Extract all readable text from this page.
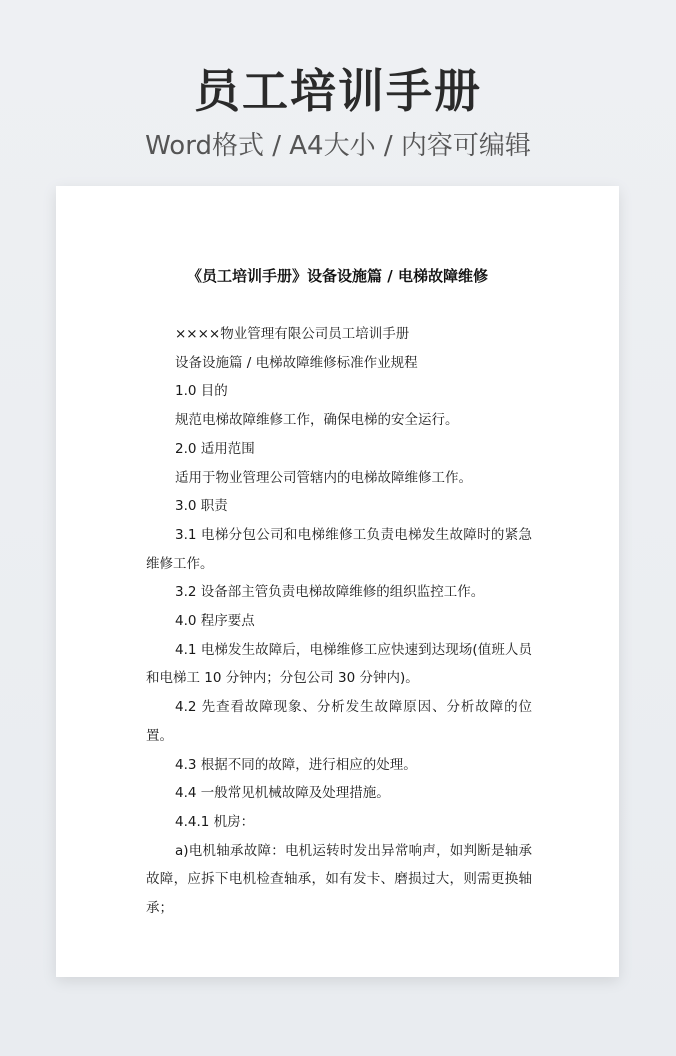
员工培训手册
Word格式 / A4大小 / 内容可编辑
《员工培训手册》设备设施篇 / 电梯故障维修

××××物业管理有限公司员工培训手册

设备设施篇 / 电梯故障维修标准作业规程

1.0 目的

规范电梯故障维修工作，确保电梯的安全运行。

2.0 适用范围

适用于物业管理公司管辖内的电梯故障维修工作。

3.0 职责

3.1 电梯分包公司和电梯维修工负责电梯发生故障时的紧急维修工作。

3.2 设备部主管负责电梯故障维修的组织监控工作。

4.0 程序要点

4.1 电梯发生故障后，电梯维修工应快速到达现场(值班人员和电梯工 10 分钟内；分包公司 30 分钟内)。

4.2 先查看故障现象、分析发生故障原因、分析故障的位置。

4.3 根据不同的故障，进行相应的处理。

4.4 一般常见机械故障及处理措施。

4.4.1 机房：

a)电机轴承故障：电机运转时发出异常响声，如判断是轴承故障，应拆下电机检查轴承，如有发卡、磨损过大，则需更换轴承；
